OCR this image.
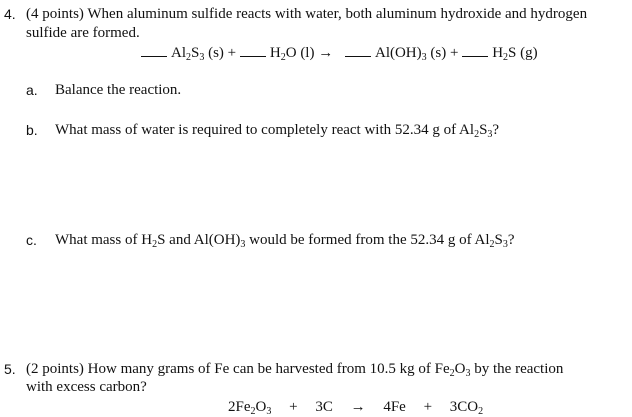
4. (4 points) When aluminum sulfide reacts with water, both aluminum hydroxide and hydrogen
sulfide are formed.
$Al_2S_3$ $(s) + H_2O$ (l) →	$Al(OH)_3$ $(s) + H_2S$ (g)
a. Balance the reaction.
b. What mass of water is required to completely react with 52.34 g of $Al_2S_3$?
c. What mass of $H_2S$ and $Al(OH)_3$ would be formed from the 52.34 g of $Al_2S_3$?
5. (2 points) How many grams of Fe can be harvested from 10.5 kg of $Fe_2O_3$ by the reaction
with excess carbon?
$2Fe_2O_3 + 3C \to 4Fe + 3CO_2$
